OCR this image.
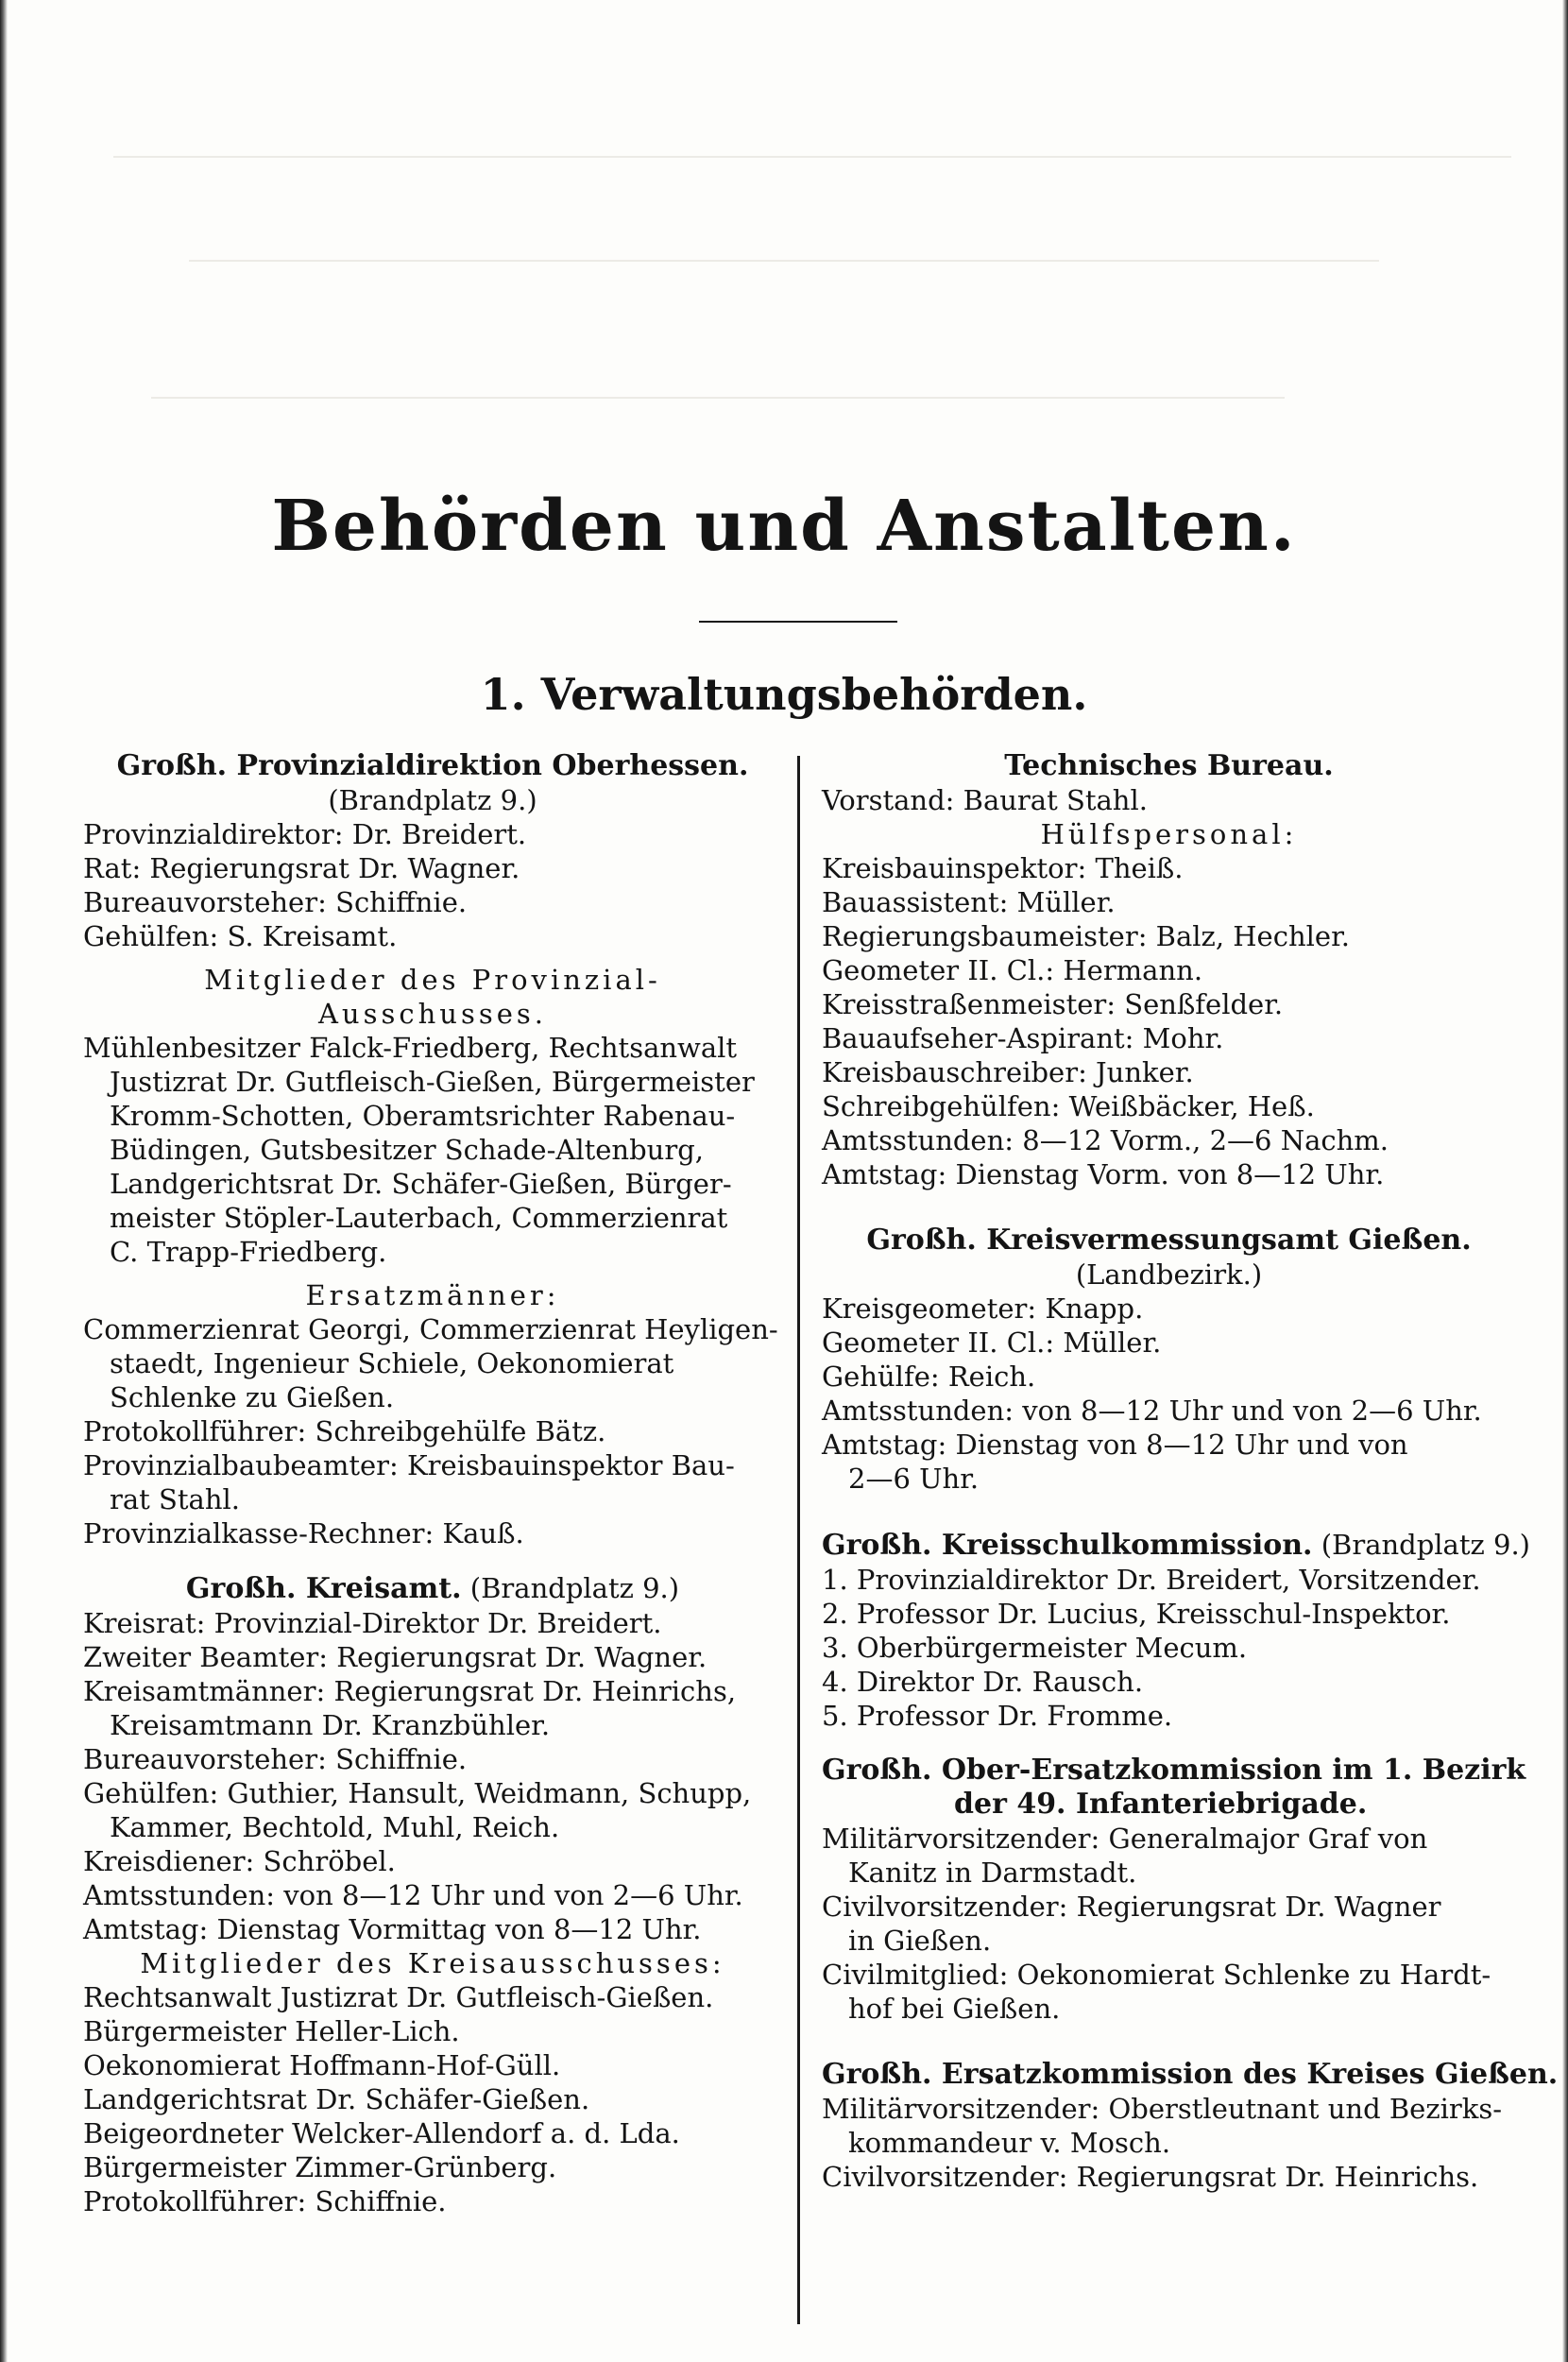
Behörden und Anstalten.
1. Verwaltungsbehörden.
Großh. Provinzialdirektion Oberhessen.
(Brandplatz 9.)
Provinzialdirektor: Dr. Breidert.
Rat: Regierungsrat Dr. Wagner.
Bureauvorsteher: Schiffnie.
Gehülfen: S. Kreisamt.
Mitglieder des Provinzial-
Ausschusses.
Mühlenbesitzer Falck-Friedberg, Rechtsanwalt
Justizrat Dr. Gutfleisch-Gießen, Bürgermeister
Kromm-Schotten, Oberamtsrichter Rabenau-
Büdingen, Gutsbesitzer Schade-Altenburg,
Landgerichtsrat Dr. Schäfer-Gießen, Bürger-
meister Stöpler-Lauterbach, Commerzienrat
C. Trapp-Friedberg.
Ersatzmänner:
Commerzienrat Georgi, Commerzienrat Heyligen-
staedt, Ingenieur Schiele, Oekonomierat
Schlenke zu Gießen.
Protokollführer: Schreibgehülfe Bätz.
Provinzialbaubeamter: Kreisbauinspektor Bau-
rat Stahl.
Provinzialkasse-Rechner: Kauß.
Großh. Kreisamt. (Brandplatz 9.)
Kreisrat: Provinzial-Direktor Dr. Breidert.
Zweiter Beamter: Regierungsrat Dr. Wagner.
Kreisamtmänner: Regierungsrat Dr. Heinrichs,
Kreisamtmann Dr. Kranzbühler.
Bureauvorsteher: Schiffnie.
Gehülfen: Guthier, Hansult, Weidmann, Schupp,
Kammer, Bechtold, Muhl, Reich.
Kreisdiener: Schröbel.
Amtsstunden: von 8—12 Uhr und von 2—6 Uhr.
Amtstag: Dienstag Vormittag von 8—12 Uhr.
Mitglieder des Kreisausschusses:
Rechtsanwalt Justizrat Dr. Gutfleisch-Gießen.
Bürgermeister Heller-Lich.
Oekonomierat Hoffmann-Hof-Güll.
Landgerichtsrat Dr. Schäfer-Gießen.
Beigeordneter Welcker-Allendorf a. d. Lda.
Bürgermeister Zimmer-Grünberg.
Protokollführer: Schiffnie.
Technisches Bureau.
Vorstand: Baurat Stahl.
Hülfspersonal:
Kreisbauinspektor: Theiß.
Bauassistent: Müller.
Regierungsbaumeister: Balz, Hechler.
Geometer II. Cl.: Hermann.
Kreisstraßenmeister: Senßfelder.
Bauaufseher-Aspirant: Mohr.
Kreisbauschreiber: Junker.
Schreibgehülfen: Weißbäcker, Heß.
Amtsstunden: 8—12 Vorm., 2—6 Nachm.
Amtstag: Dienstag Vorm. von 8—12 Uhr.
Großh. Kreisvermessungsamt Gießen.
(Landbezirk.)
Kreisgeometer: Knapp.
Geometer II. Cl.: Müller.
Gehülfe: Reich.
Amtsstunden: von 8—12 Uhr und von 2—6 Uhr.
Amtstag: Dienstag von 8—12 Uhr und von
2—6 Uhr.
Großh. Kreisschulkommission. (Brandplatz 9.)
1. Provinzialdirektor Dr. Breidert, Vorsitzender.
2. Professor Dr. Lucius, Kreisschul-Inspektor.
3. Oberbürgermeister Mecum.
4. Direktor Dr. Rausch.
5. Professor Dr. Fromme.
Großh. Ober-Ersatzkommission im 1. Bezirk
der 49. Infanteriebrigade.
Militärvorsitzender: Generalmajor Graf von
Kanitz in Darmstadt.
Civilvorsitzender: Regierungsrat Dr. Wagner
in Gießen.
Civilmitglied: Oekonomierat Schlenke zu Hardt-
hof bei Gießen.
Großh. Ersatzkommission des Kreises Gießen.
Militärvorsitzender: Oberstleutnant und Bezirks-
kommandeur v. Mosch.
Civilvorsitzender: Regierungsrat Dr. Heinrichs.
